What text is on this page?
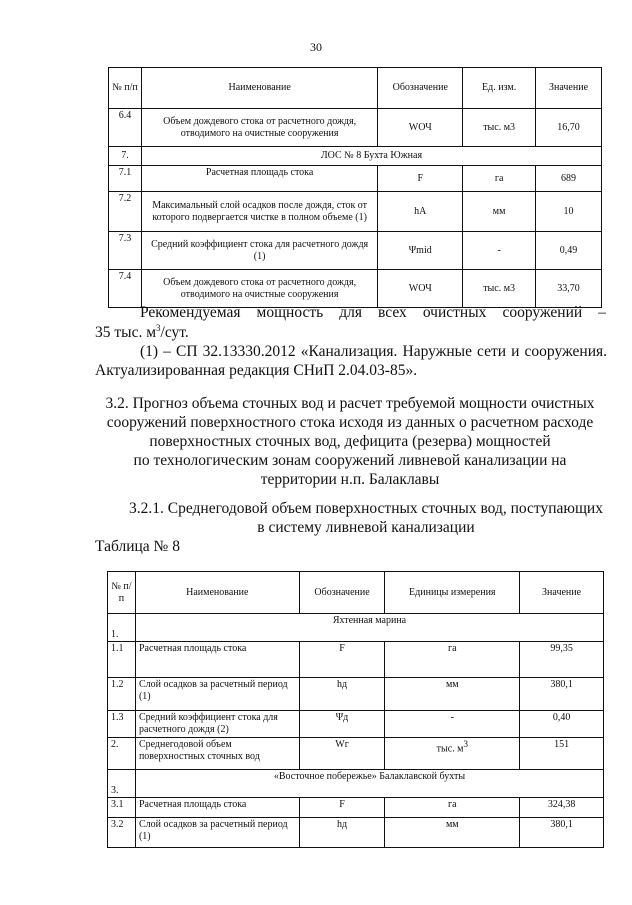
30
№ п/п	Наименование	Обозначение	Ед. изм.	Значение
6.4	Объем дождевого стока от расчетного дождя, отводимого на очистные сооружения	WОЧ	тыс. м3	16,70
7.	ЛОС № 8 Бухта Южная			
7.1	Расчетная площадь стока	F	га	689
7.2	Максимальный слой осадков после дождя, сток от которого подвергается чистке в полном объеме (1)	hA	мм	10
7.3	Средний коэффициент стока для расчетного дождя (1)	Ψmid	-	0,49
7.4	Объем дождевого стока от расчетного дождя, отводимого на очистные сооружения	WОЧ	тыс. м3	33,70
Рекомендуемая мощность для всех очистных сооружений –
35 тыс. $м^3$/сут.
(1) – СП 32.13330.2012 «Канализация. Наружные сети и сооружения. Актуализированная редакция СНиП 2.04.03-85».
3.2. Прогноз объема сточных вод и расчет требуемой мощности очистных
сооружений поверхностного стока исходя из данных о расчетном расходе
поверхностных сточных вод, дефицита (резерва) мощностей
по технологическим зонам сооружений ливневой канализации на
территории н.п. Балаклавы
3.2.1. Среднегодовой объем поверхностных сточных вод, поступающих
в систему ливневой канализации
Таблица № 8
№ п/п	Наименование	Обозначение	Единицы измерения	Значение
1.	Яхтенная марина			
1.1	Расчетная площадь стока	F	га	99,35
1.2	Слой осадков за расчетный период (1)	hд	мм	380,1
1.3	Средний коэффициент стока для расчетного дождя (2)	Ψд	-	0,40
2.	Среднегодовой объем поверхностных сточных вод	Wг	тыс. $м^3$	151
3.	«Восточное побережье» Балаклавской бухты			
3.1	Расчетная площадь стока	F	га	324,38
3.2	Слой осадков за расчетный период (1)	hд	мм	380,1
